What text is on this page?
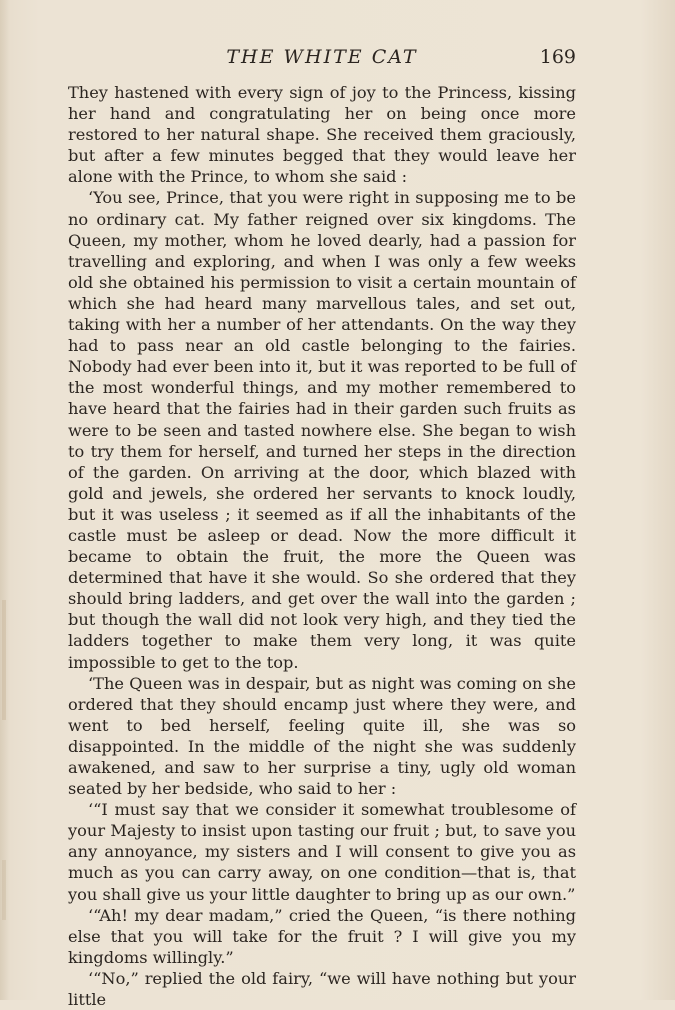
THE WHITE CAT	169

They hastened with every sign of joy to the Princess, kissing her hand and congratulating her on being once more restored to her natural shape. She received them graciously, but after a few minutes begged that they would leave her alone with the Prince, to whom she said :

‘You see, Prince, that you were right in supposing me to be no ordinary cat. My father reigned over six kingdoms. The Queen, my mother, whom he loved dearly, had a passion for travelling and exploring, and when I was only a few weeks old she obtained his permission to visit a certain mountain of which she had heard many marvellous tales, and set out, taking with her a number of her attendants. On the way they had to pass near an old castle belonging to the fairies. Nobody had ever been into it, but it was reported to be full of the most wonderful things, and my mother remembered to have heard that the fairies had in their garden such fruits as were to be seen and tasted nowhere else. She began to wish to try them for herself, and turned her steps in the direction of the garden. On arriving at the door, which blazed with gold and jewels, she ordered her servants to knock loudly, but it was useless ; it seemed as if all the inhabitants of the castle must be asleep or dead. Now the more difficult it became to obtain the fruit, the more the Queen was determined that have it she would. So she ordered that they should bring ladders, and get over the wall into the garden ; but though the wall did not look very high, and they tied the ladders together to make them very long, it was quite impossible to get to the top.

‘The Queen was in despair, but as night was coming on she ordered that they should encamp just where they were, and went to bed herself, feeling quite ill, she was so disappointed. In the middle of the night she was suddenly awakened, and saw to her surprise a tiny, ugly old woman seated by her bedside, who said to her :

‘“I must say that we consider it somewhat troublesome of your Majesty to insist upon tasting our fruit ; but, to save you any annoyance, my sisters and I will consent to give you as much as you can carry away, on one condition—that is, that you shall give us your little daughter to bring up as our own.”

‘“Ah! my dear madam,” cried the Queen, “is there nothing else that you will take for the fruit ? I will give you my kingdoms willingly.”

‘“No,” replied the old fairy, “we will have nothing but your little
